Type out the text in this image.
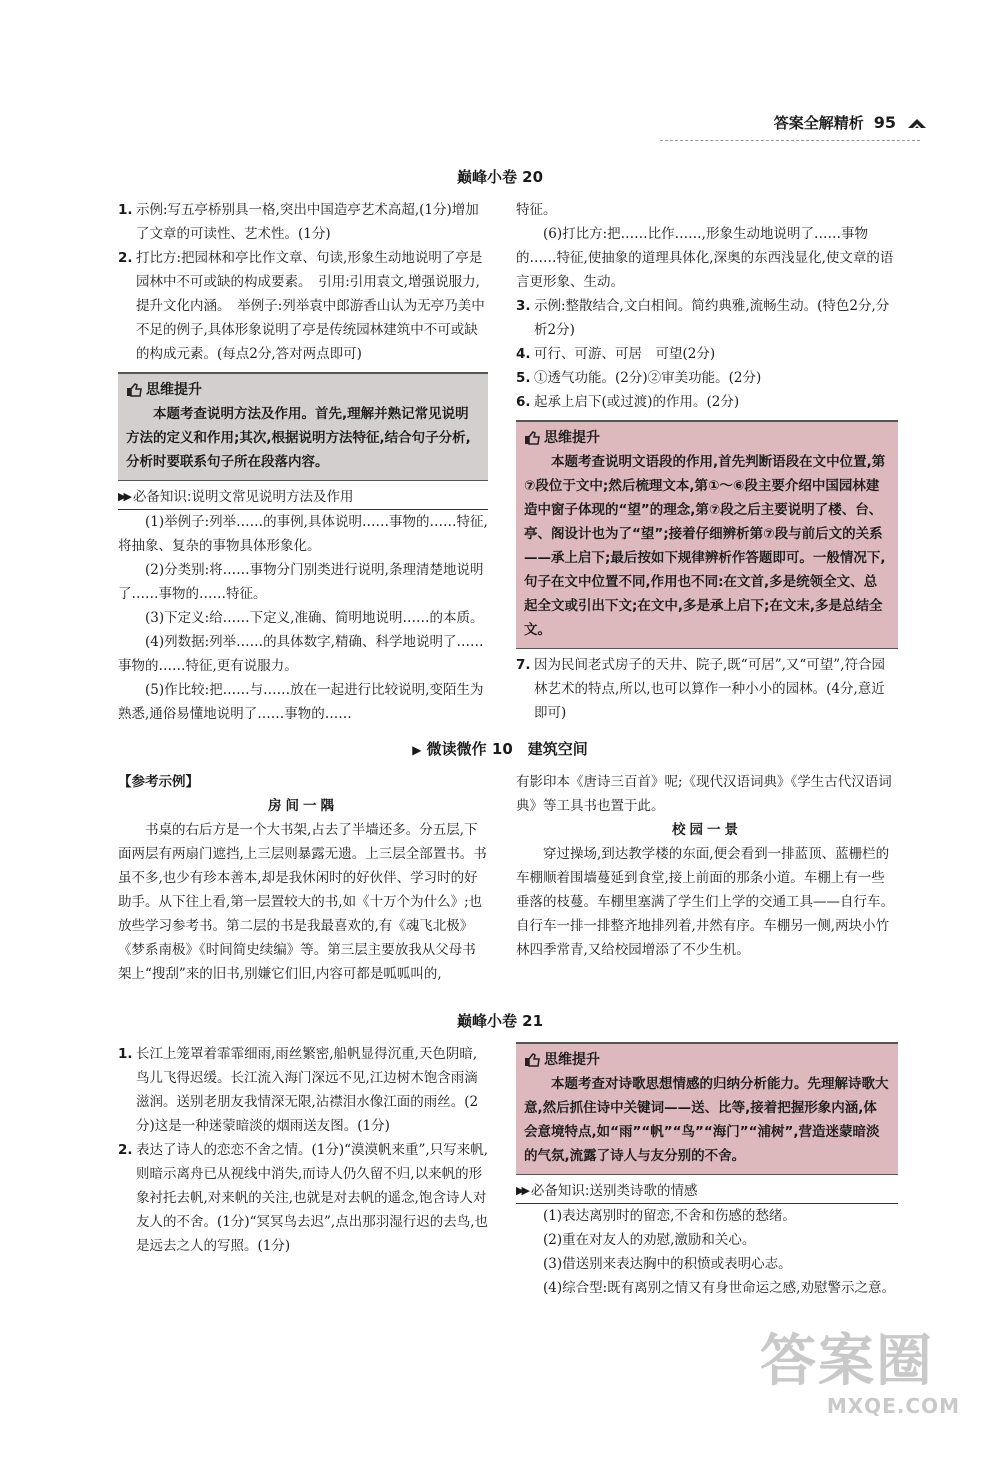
答案全解精析 95
巅峰小卷 20
1. 示例:写五亭桥别具一格,突出中国造亭艺术高超,(1分)增加了文章的可读性、艺术性。(1分)

2. 打比方:把园林和亭比作文章、句读,形象生动地说明了亭是园林中不可或缺的构成要素。　引用:引用袁文,增强说服力,提升文化内涵。　举例子:列举袁中郎游香山认为无亭乃美中不足的例子,具体形象说明了亭是传统园林建筑中不可或缺的构成元素。(每点2分,答对两点即可)

思维提升

本题考查说明方法及作用。首先,理解并熟记常见说明方法的定义和作用;其次,根据说明方法特征,结合句子分析,分析时要联系句子所在段落内容。

▶▶ 必备知识:说明文常见说明方法及作用

(1)举例子:列举……的事例,具体说明……事物的……特征,将抽象、复杂的事物具体形象化。

(2)分类别:将……事物分门别类进行说明,条理清楚地说明了……事物的……特征。

(3)下定义:给……下定义,准确、简明地说明……的本质。

(4)列数据:列举……的具体数字,精确、科学地说明了……事物的……特征,更有说服力。

(5)作比较:把……与……放在一起进行比较说明,变陌生为熟悉,通俗易懂地说明了……事物的……

特征。

(6)打比方:把……比作……,形象生动地说明了……事物的……特征,使抽象的道理具体化,深奥的东西浅显化,使文章的语言更形象、生动。

3. 示例:整散结合,文白相间。简约典雅,流畅生动。(特色2分,分析2分)

4. 可行、可游、可居　可望(2分)

5. ①透气功能。(2分)②审美功能。(2分)

6. 起承上启下(或过渡)的作用。(2分)

思维提升

本题考查说明文语段的作用,首先判断语段在文中位置,第⑦段位于文中;然后梳理文本,第①～⑥段主要介绍中国园林建造中窗子体现的“望”的理念,第⑦段之后主要说明了楼、台、亭、阁设计也为了“望”;接着仔细辨析第⑦段与前后文的关系——承上启下;最后按如下规律辨析作答题即可。一般情况下,句子在文中位置不同,作用也不同:在文首,多是统领全文、总起全文或引出下文;在文中,多是承上启下;在文末,多是总结全文。

7. 因为民间老式房子的天井、院子,既“可居”,又“可望”,符合园林艺术的特点,所以,也可以算作一种小小的园林。(4分,意近即可)

▶ 微读微作 10　建筑空间

【参考示例】

房间一隅

书桌的右后方是一个大书架,占去了半墙还多。分五层,下面两层有两扇门遮挡,上三层则暴露无遗。上三层全部置书。书虽不多,也少有珍本善本,却是我休闲时的好伙伴、学习时的好助手。从下往上看,第一层置较大的书,如《十万个为什么》;也放些学习参考书。第二层的书是我最喜欢的,有《魂飞北极》《梦系南极》《时间简史续编》等。第三层主要放我从父母书架上“搜刮”来的旧书,别嫌它们旧,内容可都是呱呱叫的,

有影印本《唐诗三百首》呢;《现代汉语词典》《学生古代汉语词典》等工具书也置于此。

校园一景

穿过操场,到达教学楼的东面,便会看到一排蓝顶、蓝栅栏的车棚顺着围墙蔓延到食堂,接上前面的那条小道。车棚上有一些垂落的枝蔓。车棚里塞满了学生们上学的交通工具——自行车。自行车一排一排整齐地排列着,井然有序。车棚另一侧,两块小竹林四季常青,又给校园增添了不少生机。

巅峰小卷 21
1. 长江上笼罩着霏霏细雨,雨丝繁密,船帆显得沉重,天色阴暗,鸟儿飞得迟缓。长江流入海门深远不见,江边树木饱含雨滴滋润。送别老朋友我情深无限,沾襟泪水像江面的雨丝。(2分)这是一种迷蒙暗淡的烟雨送友图。(1分)

2. 表达了诗人的恋恋不舍之情。(1分)“漠漠帆来重”,只写来帆,则暗示离舟已从视线中消失,而诗人仍久留不归,以来帆的形象衬托去帆,对来帆的关注,也就是对去帆的遥念,饱含诗人对友人的不舍。(1分)“冥冥鸟去迟”,点出那羽湿行迟的去鸟,也是远去之人的写照。(1分)

思维提升

本题考查对诗歌思想情感的归纳分析能力。先理解诗歌大意,然后抓住诗中关键词——送、比等,接着把握形象内涵,体会意境特点,如“雨”“帆”“鸟”“海门”“浦树”,营造迷蒙暗淡的气氛,流露了诗人与友分别的不舍。

▶▶ 必备知识:送别类诗歌的情感

(1)表达离别时的留恋,不舍和伤感的愁绪。

(2)重在对友人的劝慰,激励和关心。

(3)借送别来表达胸中的积愤或表明心志。

(4)综合型:既有离别之情又有身世命运之感,劝慰警示之意。

答案圈
MXQE.COM
